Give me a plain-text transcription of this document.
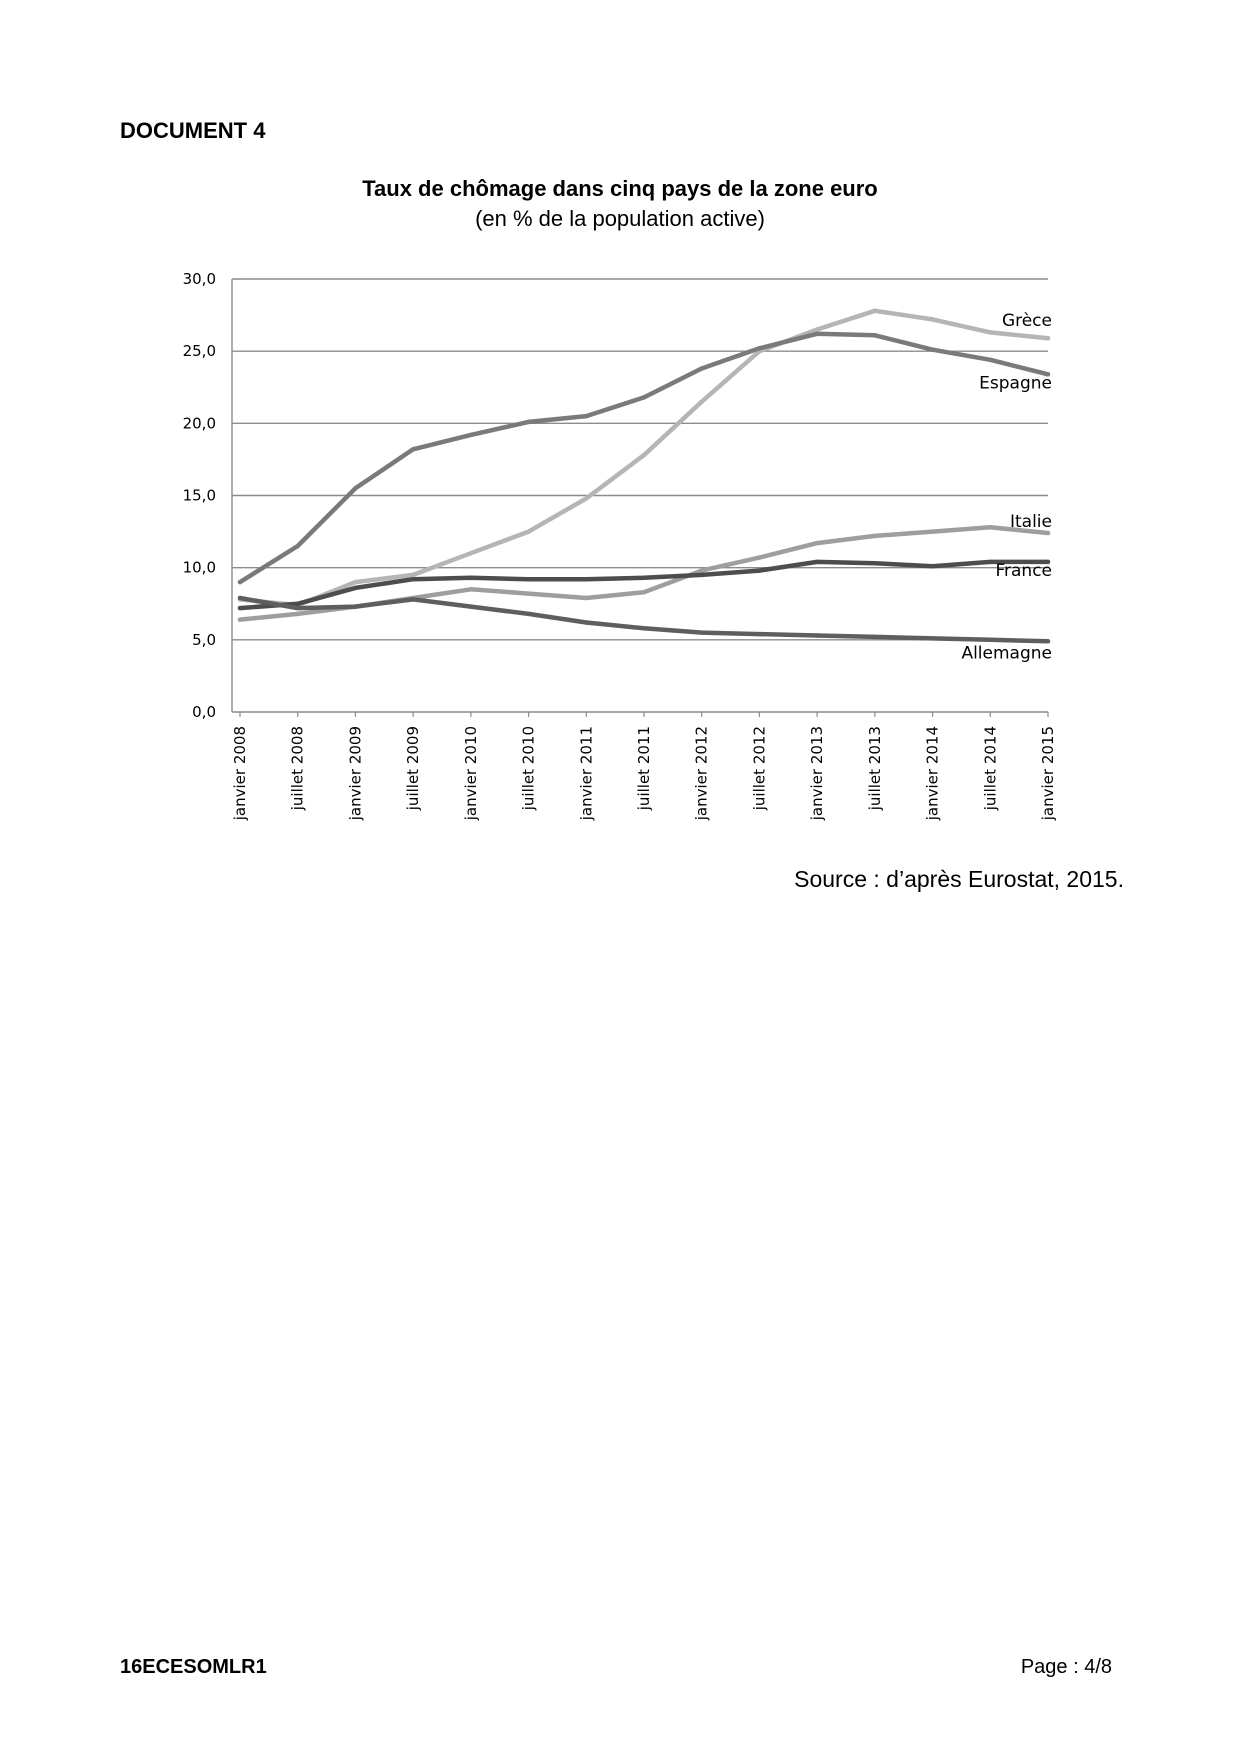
DOCUMENT 4
Taux de chômage dans cinq pays de la zone euro
(en % de la population active)
0,0
5,0
10,0
15,0
20,0
25,0
30,0
janvier 2008	juillet 2008	janvier 2009	juillet 2009	janvier 2010	juillet 2010	janvier 2011	juillet 2011	janvier 2012	juillet 2012	janvier 2013	juillet 2013	janvier 2014	juillet 2014	janvier 2015
Grèce
Espagne
Italie
France
Allemagne
Source : d’après Eurostat, 2015.
16ECESOMLR1	Page : 4/8
